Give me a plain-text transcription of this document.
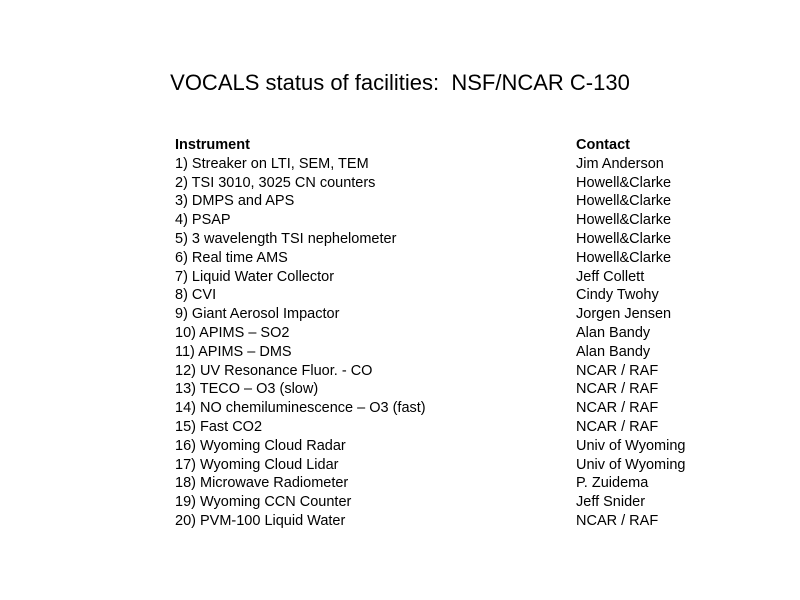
VOCALS status of facilities:  NSF/NCAR C-130
Instrument	Contact
1) Streaker on LTI, SEM, TEM	Jim Anderson
2) TSI 3010, 3025 CN counters	Howell&Clarke
3) DMPS and APS	Howell&Clarke
4) PSAP	Howell&Clarke
5) 3 wavelength TSI nephelometer	Howell&Clarke
6) Real time AMS	Howell&Clarke
7) Liquid Water Collector	Jeff Collett
8) CVI	Cindy Twohy
9) Giant Aerosol Impactor	Jorgen Jensen
10) APIMS – SO2	Alan Bandy
11) APIMS – DMS	Alan Bandy
12) UV Resonance Fluor. - CO	NCAR / RAF
13) TECO – O3 (slow)	NCAR / RAF
14) NO chemiluminescence – O3 (fast)	NCAR / RAF
15) Fast CO2	NCAR / RAF
16) Wyoming Cloud Radar	Univ of Wyoming
17) Wyoming Cloud Lidar	Univ of Wyoming
18) Microwave Radiometer	P. Zuidema
19) Wyoming CCN Counter	Jeff Snider
20) PVM-100 Liquid Water	NCAR / RAF
